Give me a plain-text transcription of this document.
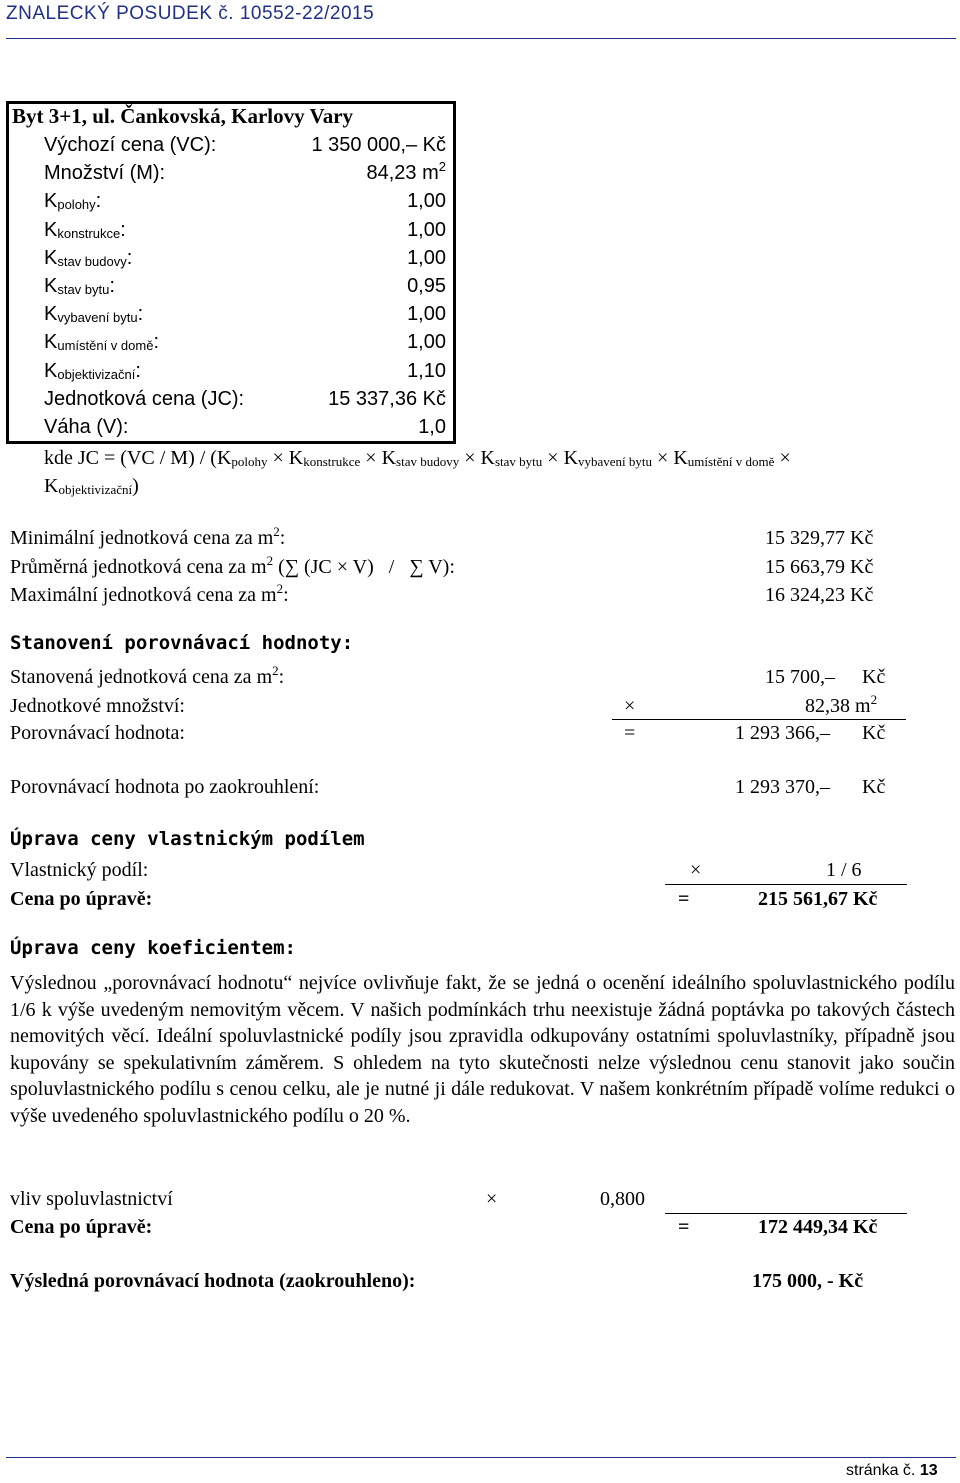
ZNALECKÝ POSUDEK č. 10552-22/2015
Byt 3+1, ul. Čankovská, Karlovy Vary
Výchozí cena (VC):	1 350 000,– Kč
Množství (M):	84,23 $m^2$
$K_{polohy}$:	1,00
$K_{konstrukce}$:	1,00
$K_{stav budovy}$:	1,00
$K_{stav bytu}$:	0,95
$K_{vybavení bytu}$:	1,00
$K_{umístění v domě}$:	1,00
$K_{objektivizační}$:	1,10
Jednotková cena (JC):	15 337,36 Kč
Váha (V):	1,0
kde JC = $(VC / M) / (K_{polohy} \times K_{konstrukce} \times K_{stav budovy} \times K_{stav bytu} \times K_{vybavení bytu} \times K_{umístění v domě}$ ×
$K_{objektivizační}$)
Minimální jednotková cena za $m^2$:	15 329,77 Kč
Průměrná jednotková cena za $m^2$ (∑ (JC × V)   /   ∑ V):	15 663,79 Kč
Maximální jednotková cena za $m^2$:	16 324,23 Kč
Stanovení porovnávací hodnoty:
Stanovená jednotková cena za $m^2$:	15 700,– Kč
Jednotkové množství:	×	82,38 $m^2$
Porovnávací hodnota:	=	1 293 366,– Kč
Porovnávací hodnota po zaokrouhlení:	1 293 370,– Kč
Úprava ceny vlastnickým podílem
Vlastnický podíl:	×	1 / 6
Cena po úpravě:	=	215 561,67 Kč
Úprava ceny koeficientem:
Výslednou „porovnávací hodnotu“ nejvíce ovlivňuje fakt, že se jedná o ocenění ideálního spoluvlastnického podílu 1/6 k výše uvedeným nemovitým věcem. V našich podmínkách trhu neexistuje žádná poptávka po takových částech nemovitých věcí. Ideální spoluvlastnické podíly jsou zpravidla odkupovány ostatními spoluvlastníky, případně jsou kupovány se spekulativním záměrem. S ohledem na tyto skutečnosti nelze výslednou cenu stanovit jako součin spoluvlastnického podílu s cenou celku, ale je nutné ji dále redukovat. V našem konkrétním případě volíme redukci o výše uvedeného spoluvlastnického podílu o 20 %.
vliv spoluvlastnictví	×	0,800
Cena po úpravě:	=	172 449,34 Kč
Výsledná porovnávací hodnota (zaokrouhleno):	175 000, - Kč
stránka č. 13
